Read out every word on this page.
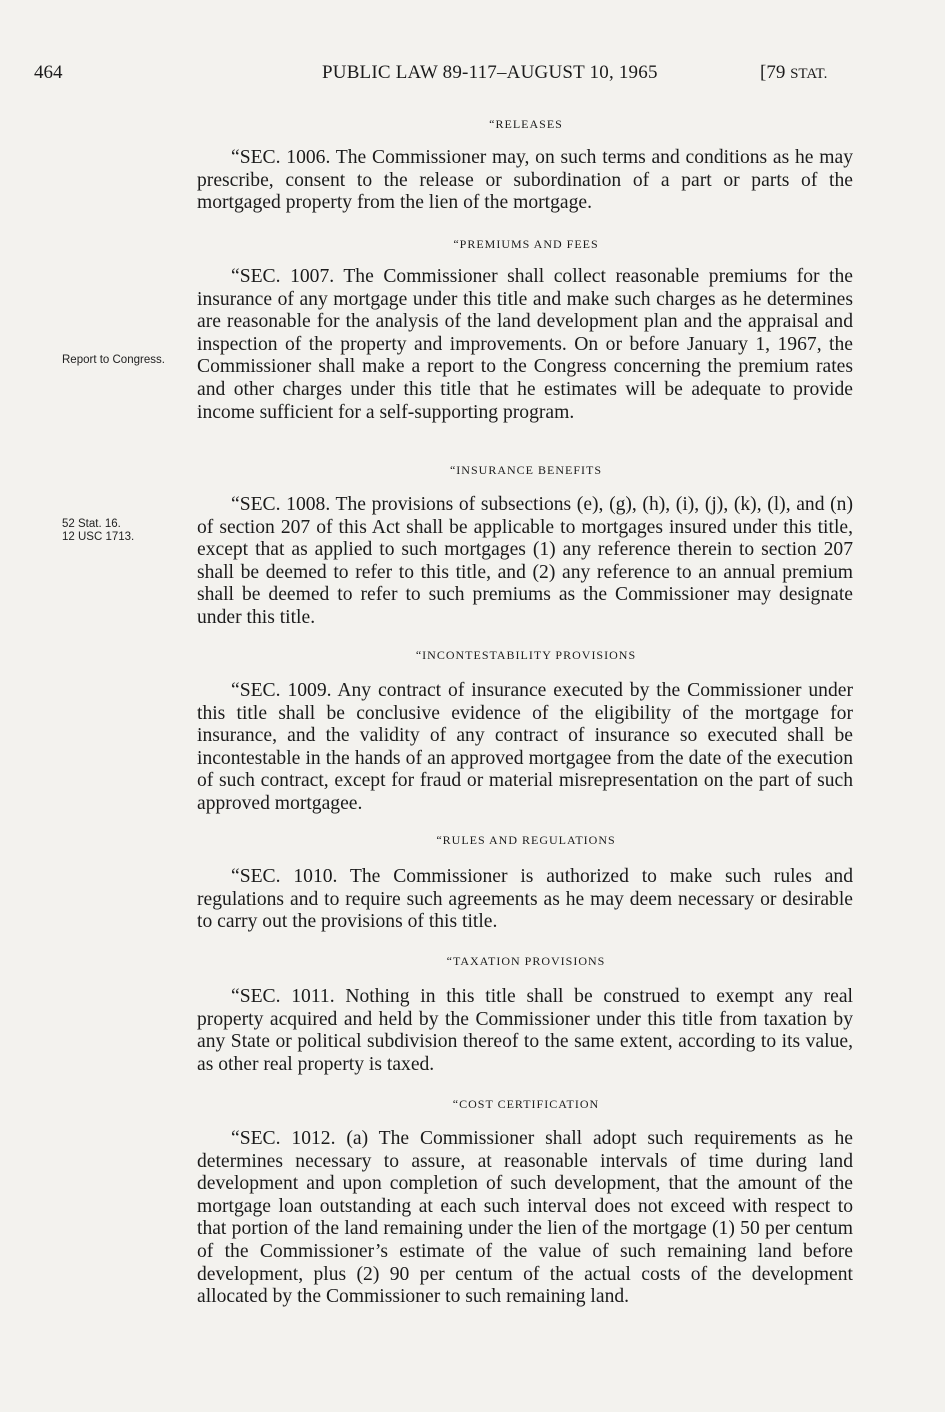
464	PUBLIC LAW 89-117–AUGUST 10, 1965	[79 STAT.
Report to Congress.
52 Stat. 16.
12 USC 1713.
“RELEASES

“SEC. 1006. The Commissioner may, on such terms and conditions as he may prescribe, consent to the release or subordination of a part or parts of the mortgaged property from the lien of the mortgage.

“PREMIUMS AND FEES

“SEC. 1007. The Commissioner shall collect reasonable premiums for the insurance of any mortgage under this title and make such charges as he determines are reasonable for the analysis of the land development plan and the appraisal and inspection of the property and improvements. On or before January 1, 1967, the Commissioner shall make a report to the Congress concerning the premium rates and other charges under this title that he estimates will be adequate to provide income sufficient for a self-supporting program.

“INSURANCE BENEFITS

“SEC. 1008. The provisions of subsections (e), (g), (h), (i), (j), (k), (l), and (n) of section 207 of this Act shall be applicable to mortgages insured under this title, except that as applied to such mortgages (1) any reference therein to section 207 shall be deemed to refer to this title, and (2) any reference to an annual premium shall be deemed to refer to such premiums as the Commissioner may designate under this title.

“INCONTESTABILITY PROVISIONS

“SEC. 1009. Any contract of insurance executed by the Commissioner under this title shall be conclusive evidence of the eligibility of the mortgage for insurance, and the validity of any contract of insurance so executed shall be incontestable in the hands of an approved mortgagee from the date of the execution of such contract, except for fraud or material misrepresentation on the part of such approved mortgagee.

“RULES AND REGULATIONS

“SEC. 1010. The Commissioner is authorized to make such rules and regulations and to require such agreements as he may deem necessary or desirable to carry out the provisions of this title.

“TAXATION PROVISIONS

“SEC. 1011. Nothing in this title shall be construed to exempt any real property acquired and held by the Commissioner under this title from taxation by any State or political subdivision thereof to the same extent, according to its value, as other real property is taxed.

“COST CERTIFICATION

“SEC. 1012. (a) The Commissioner shall adopt such requirements as he determines necessary to assure, at reasonable intervals of time during land development and upon completion of such development, that the amount of the mortgage loan outstanding at each such interval does not exceed with respect to that portion of the land remaining under the lien of the mortgage (1) 50 per centum of the Commissioner’s estimate of the value of such remaining land before development, plus (2) 90 per centum of the actual costs of the development allocated by the Commissioner to such remaining land.
